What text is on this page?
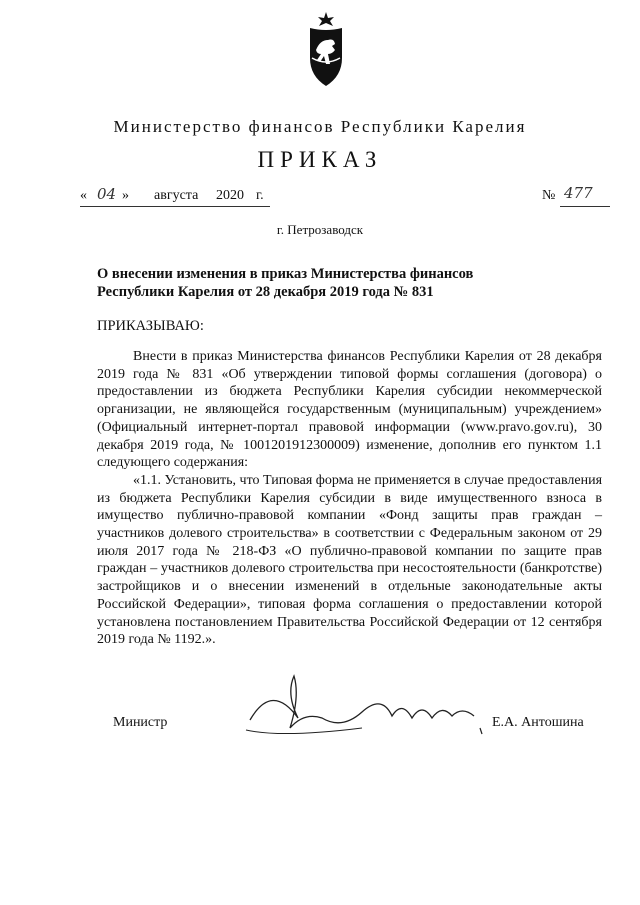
Министерство финансов Республики Карелия
ПРИКАЗ
« 04 » августа 2020 г.	№ 477
г. Петрозаводск
О внесении изменения в приказ Министерства финансов
Республики Карелия от 28 декабря 2019 года № 831
ПРИКАЗЫВАЮ:

Внести в приказ Министерства финансов Республики Карелия от 28 декабря 2019 года № 831 «Об утверждении типовой формы соглашения (договора) о предоставлении из бюджета Республики Карелия субсидии некоммерческой организации, не являющейся государственным (муниципальным) учреждением» (Официальный интернет-портал правовой информации (www.pravo.gov.ru), 30 декабря 2019 года, № 1001201912300009) изменение, дополнив его пунктом 1.1 следующего содержания:

«1.1. Установить, что Типовая форма не применяется в случае предоставления из бюджета Республики Карелия субсидии в виде имущественного взноса в имущество публично-правовой компании «Фонд защиты прав граждан – участников долевого строительства» в соответствии с Федеральным законом от 29 июля 2017 года № 218-ФЗ «О публично-правовой компании по защите прав граждан – участников долевого строительства при несостоятельности (банкротстве) застройщиков и о внесении изменений в отдельные законодательные акты Российской Федерации», типовая форма соглашения о предоставлении которой установлена постановлением Правительства Российской Федерации от 12 сентября 2019 года № 1192.».

Министр	Е.А. Антошина
